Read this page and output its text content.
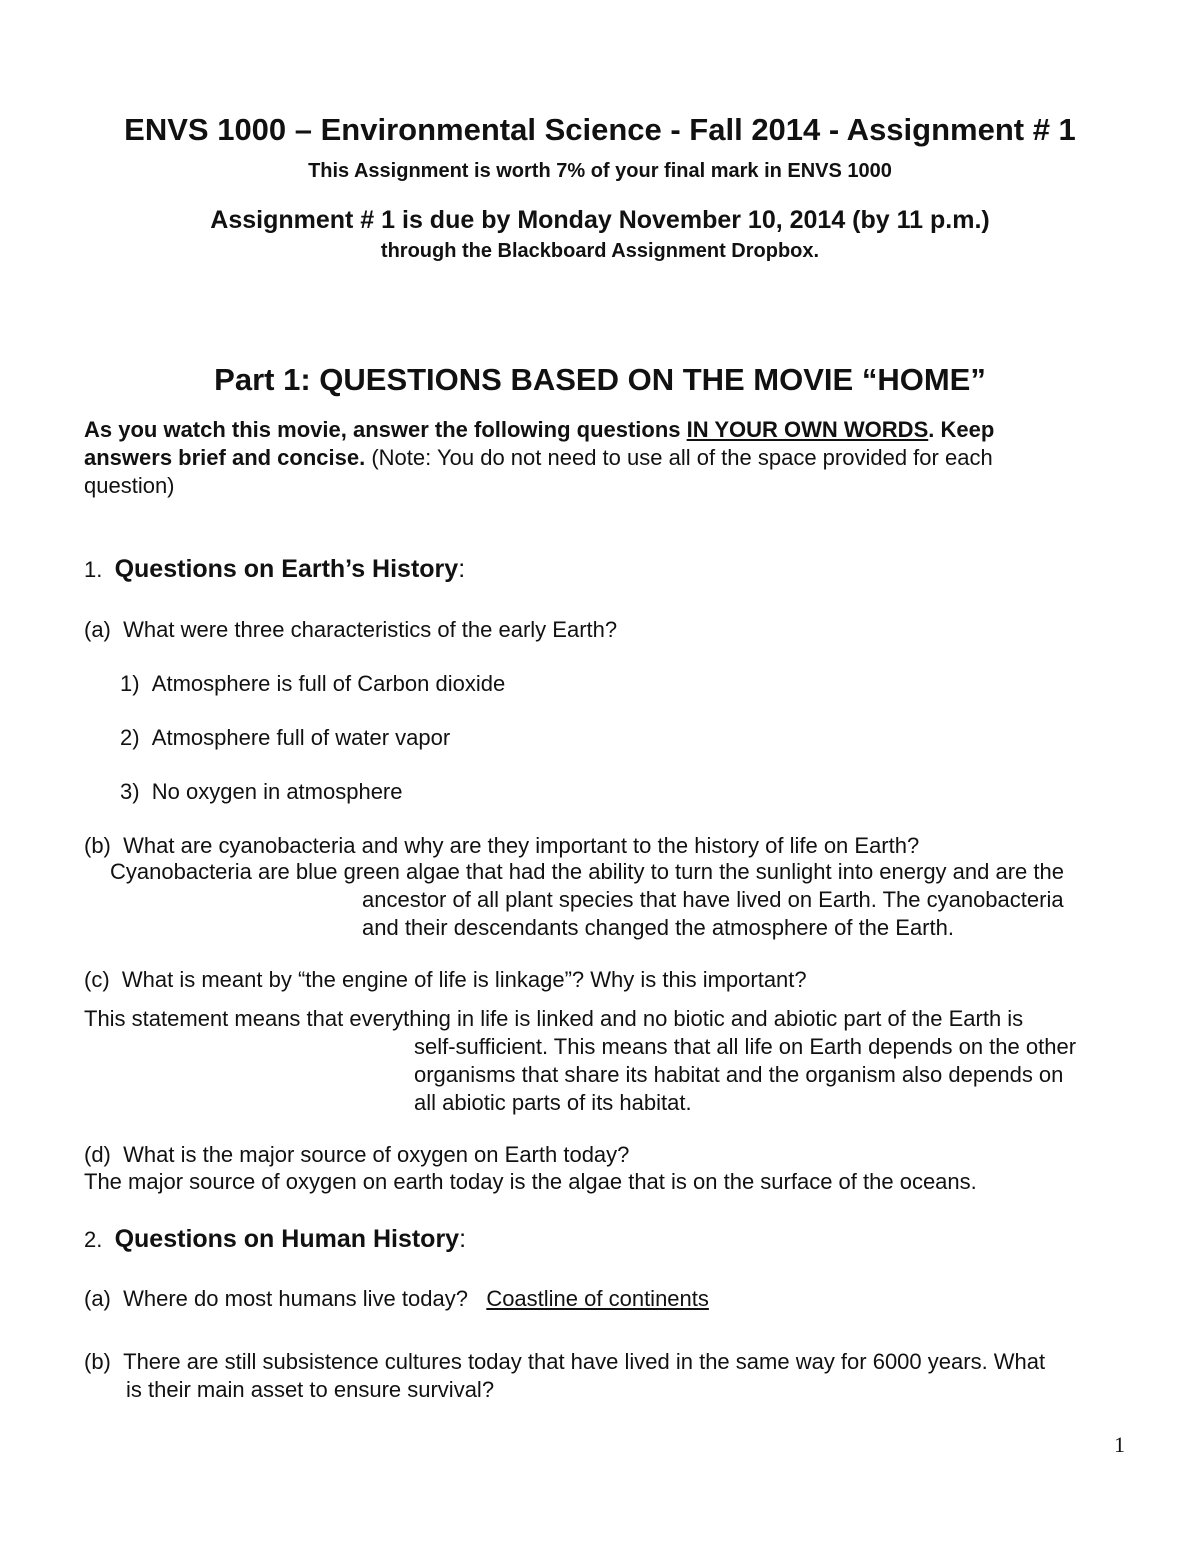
ENVS 1000 – Environmental Science - Fall 2014 - Assignment # 1

This Assignment is worth 7% of your final mark in ENVS 1000

Assignment # 1 is due by Monday November 10, 2014 (by 11 p.m.)

through the Blackboard Assignment Dropbox.

Part 1: QUESTIONS BASED ON THE MOVIE “HOME”

As you watch this movie, answer the following questions IN YOUR OWN WORDS. Keep

answers brief and concise. (Note: You do not need to use all of the space provided for each

question)

1. Questions on Earth’s History:

(a) What were three characteristics of the early Earth?

1) Atmosphere is full of Carbon dioxide

2) Atmosphere full of water vapor

3) No oxygen in atmosphere

(b) What are cyanobacteria and why are they important to the history of life on Earth?

Cyanobacteria are blue green algae that had the ability to turn the sunlight into energy and are the

ancestor of all plant species that have lived on Earth. The cyanobacteria

and their descendants changed the atmosphere of the Earth.

(c) What is meant by “the engine of life is linkage”? Why is this important?

This statement means that everything in life is linked and no biotic and abiotic part of the Earth is

self-sufficient. This means that all life on Earth depends on the other

organisms that share its habitat and the organism also depends on

all abiotic parts of its habitat.

(d) What is the major source of oxygen on Earth today?

The major source of oxygen on earth today is the algae that is on the surface of the oceans.

2. Questions on Human History:

(a) Where do most humans live today? Coastline of continents

(b) There are still subsistence cultures today that have lived in the same way for 6000 years. What

is their main asset to ensure survival?

1
